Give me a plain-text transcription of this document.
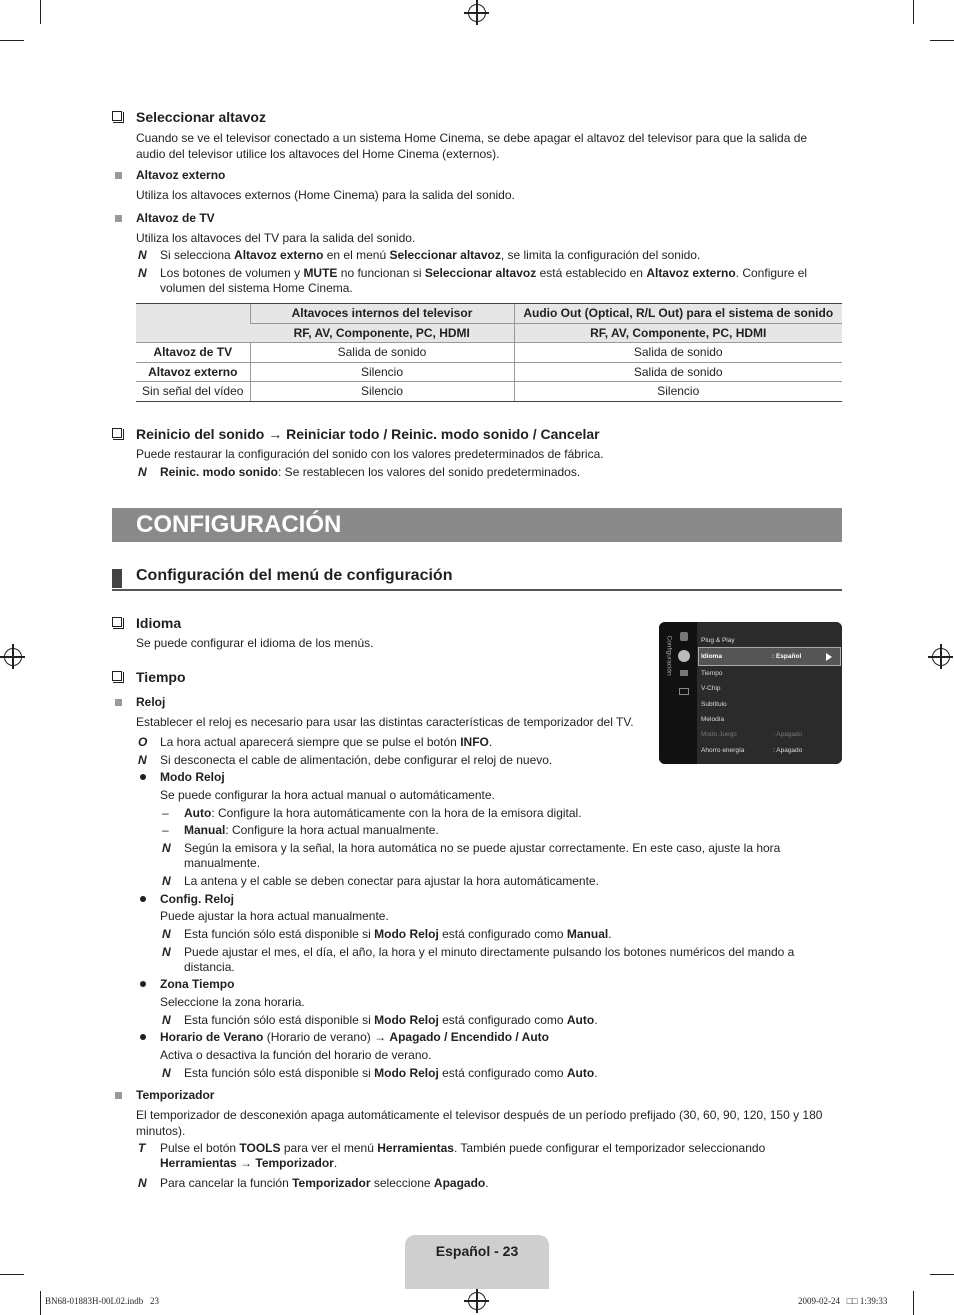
Seleccionar altavoz
Cuando se ve el televisor conectado a un sistema Home Cinema, se debe apagar el altavoz del televisor para que la salida de audio del televisor utilice los altavoces del Home Cinema (externos).
Altavoz externo
Utiliza los altavoces externos (Home Cinema) para la salida del sonido.
Altavoz de TV
Utiliza los altavoces del TV para la salida del sonido.
N Si selecciona Altavoz externo en el menú Seleccionar altavoz, se limita la configuración del sonido.
N Los botones de volumen y MUTE no funcionan si Seleccionar altavoz está establecido en Altavoz externo. Configure el
volumen del sistema Home Cinema.
	Altavoces internos del televisor	Audio Out (Optical, R/L Out) para el sistema de sonido
	RF, AV, Componente, PC, HDMI	RF, AV, Componente, PC, HDMI
Altavoz de TV	Salida de sonido	Salida de sonido
Altavoz externo	Silencio	Salida de sonido
Sin señal del vídeo	Silencio	Silencio
Reinicio del sonido → Reiniciar todo / Reinic. modo sonido / Cancelar
Puede restaurar la configuración del sonido con los valores predeterminados de fábrica.
N Reinic. modo sonido: Se restablecen los valores del sonido predeterminados.
CONFIGURACIÓN
Configuración del menú de configuración
Idioma
Se puede configurar el idioma de los menús.
Tiempo
Reloj
Establecer el reloj es necesario para usar las distintas características de temporizador del TV.
O La hora actual aparecerá siempre que se pulse el botón INFO.
N Si desconecta el cable de alimentación, debe configurar el reloj de nuevo.
Modo Reloj
Se puede configurar la hora actual manual o automáticamente.
– Auto: Configure la hora automáticamente con la hora de la emisora digital.
– Manual: Configure la hora actual manualmente.
N Según la emisora y la señal, la hora automática no se puede ajustar correctamente. En este caso, ajuste la hora
manualmente.
N La antena y el cable se deben conectar para ajustar la hora automáticamente.
Config. Reloj
Puede ajustar la hora actual manualmente.
N Esta función sólo está disponible si Modo Reloj está configurado como Manual.
N Puede ajustar el mes, el día, el año, la hora y el minuto directamente pulsando los botones numéricos del mando a
distancia.
Zona Tiempo
Seleccione la zona horaria.
N Esta función sólo está disponible si Modo Reloj está configurado como Auto.
Horario de Verano (Horario de verano) → Apagado / Encendido / Auto
Activa o desactiva la función del horario de verano.
N Esta función sólo está disponible si Modo Reloj está configurado como Auto.
Temporizador
El temporizador de desconexión apaga automáticamente el televisor después de un período prefijado (30, 60, 90, 120, 150 y 180
minutos).
T Pulse el botón TOOLS para ver el menú Herramientas. También puede configurar el temporizador seleccionando
Herramientas → Temporizador.
N Para cancelar la función Temporizador seleccione Apagado.
Configuración	Plug & Play
Idioma	: Español
Tiempo
V-Chip
Subtítulo
Melodía
Modo Juego	: Apagado
Ahorro energía	: Apagado
Español - 23
BN68-01883H-00L02.indb   23	2009-02-24   □□ 1:39:33
